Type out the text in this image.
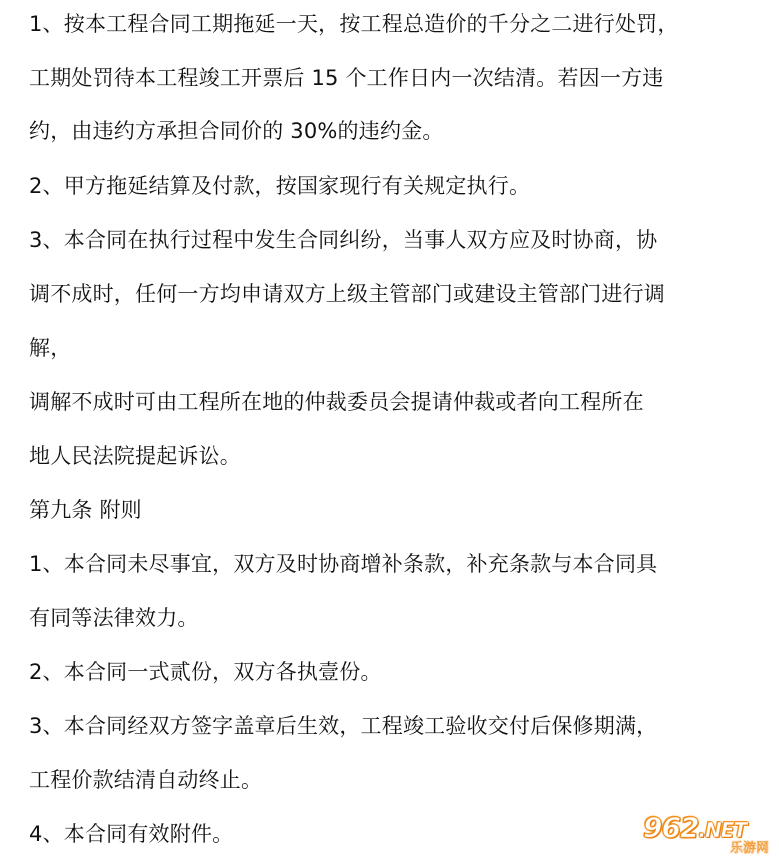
1、按本工程合同工期拖延一天，按工程总造价的千分之二进行处罚，
工期处罚待本工程竣工开票后 15 个工作日内一次结清。若因一方违
约，由违约方承担合同价的 30%的违约金。
2、甲方拖延结算及付款，按国家现行有关规定执行。
3、本合同在执行过程中发生合同纠纷，当事人双方应及时协商，协
调不成时，任何一方均申请双方上级主管部门或建设主管部门进行调
解，
调解不成时可由工程所在地的仲裁委员会提请仲裁或者向工程所在
地人民法院提起诉讼。
第九条 附则
1、本合同未尽事宜，双方及时协商增补条款，补充条款与本合同具
有同等法律效力。
2、本合同一式贰份，双方各执壹份。
3、本合同经双方签字盖章后生效，工程竣工验收交付后保修期满，
工程价款结清自动终止。
4、本合同有效附件。	962.NET
乐游网
